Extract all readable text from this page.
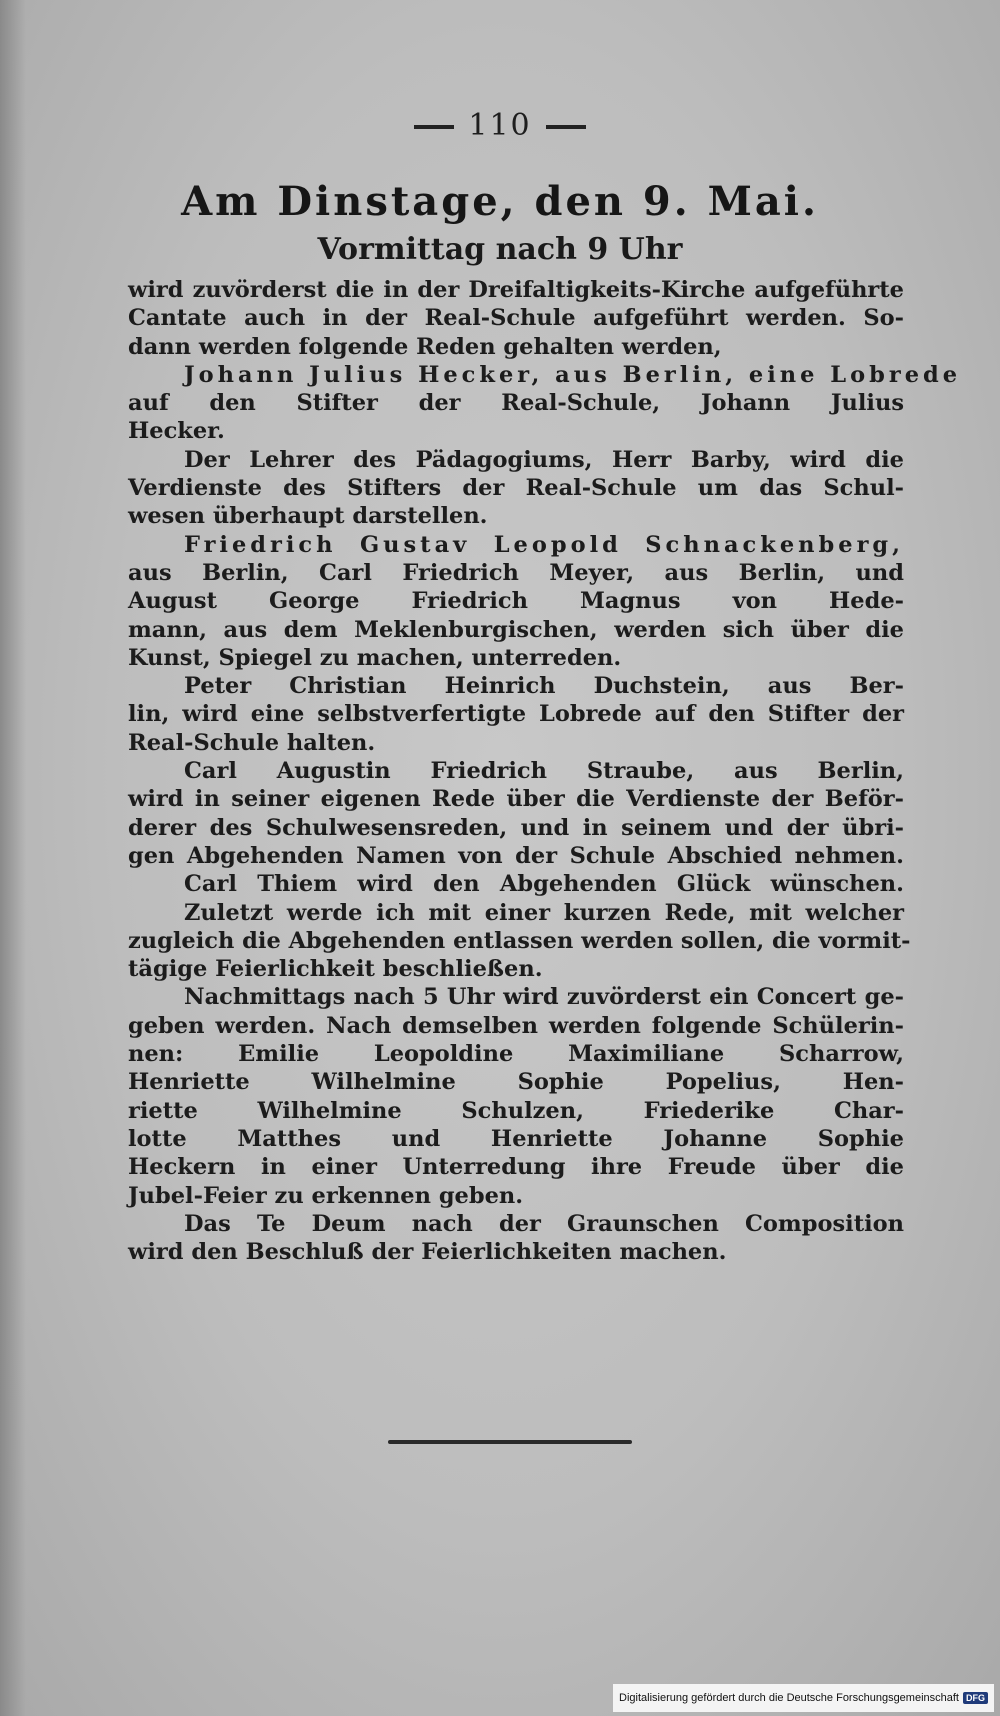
110
Am Dinstage, den 9. Mai.
Vormittag nach 9 Uhr
wird zuvörderst die in der Dreifaltigkeits-Kirche aufgeführte
Cantate auch in der Real-Schule aufgeführt werden. So-
dann werden folgende Reden gehalten werden,
Johann Julius Hecker, aus Berlin, eine Lobrede
auf den Stifter der Real-Schule, Johann Julius
Hecker.
Der Lehrer des Pädagogiums, Herr Barby, wird die
Verdienste des Stifters der Real-Schule um das Schul-
wesen überhaupt darstellen.
Friedrich Gustav Leopold Schnackenberg,
aus Berlin, Carl Friedrich Meyer, aus Berlin, und
August George Friedrich Magnus von Hede-
mann, aus dem Meklenburgischen, werden sich über die
Kunst, Spiegel zu machen, unterreden.
Peter Christian Heinrich Duchstein, aus Ber-
lin, wird eine selbstverfertigte Lobrede auf den Stifter der
Real-Schule halten.
Carl Augustin Friedrich Straube, aus Berlin,
wird in seiner eigenen Rede über die Verdienste der Beför-
derer des Schulwesensreden, und in seinem und der übri-
gen Abgehenden Namen von der Schule Abschied nehmen.
Carl Thiem wird den Abgehenden Glück wünschen.
Zuletzt werde ich mit einer kurzen Rede, mit welcher
zugleich die Abgehenden entlassen werden sollen, die vormit-
tägige Feierlichkeit beschließen.
Nachmittags nach 5 Uhr wird zuvörderst ein Concert ge-
geben werden. Nach demselben werden folgende Schülerin-
nen: Emilie Leopoldine Maximiliane Scharrow,
Henriette Wilhelmine Sophie Popelius, Hen-
riette Wilhelmine Schulzen, Friederike Char-
lotte Matthes und Henriette Johanne Sophie
Heckern in einer Unterredung ihre Freude über die
Jubel-Feier zu erkennen geben.
Das Te Deum nach der Graunschen Composition
wird den Beschluß der Feierlichkeiten machen.
Digitalisierung gefördert durch die Deutsche Forschungsgemeinschaft DFG
